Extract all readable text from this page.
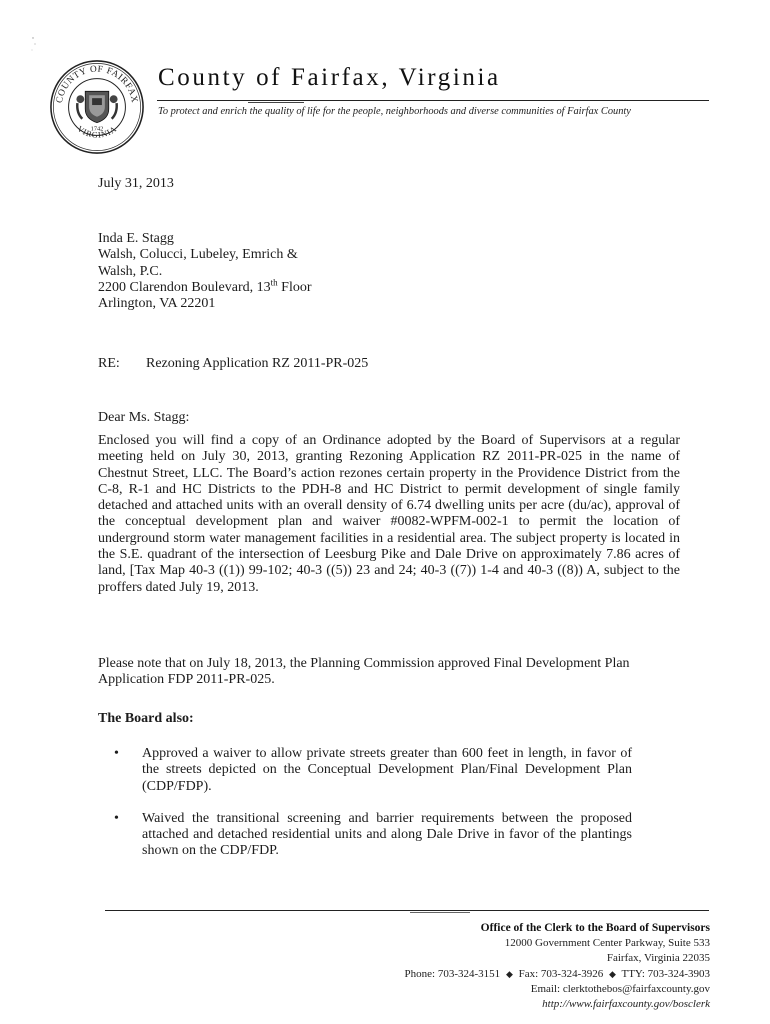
COUNTY OF FAIRFAX
VIRGINIA
1742
County of Fairfax, Virginia
To protect and enrich the quality of life for the people, neighborhoods and diverse communities of Fairfax County
July 31, 2013
Inda E. Stagg
Walsh, Colucci, Lubeley, Emrich &
Walsh, P.C.
2200 Clarendon Boulevard, 13th Floor
Arlington, VA 22201
RE: Rezoning Application RZ 2011-PR-025
Dear Ms. Stagg:

Enclosed you will find a copy of an Ordinance adopted by the Board of Supervisors at a regular meeting held on July 30, 2013, granting Rezoning Application RZ 2011-PR-025 in the name of Chestnut Street, LLC. The Board’s action rezones certain property in the Providence District from the C-8, R-1 and HC Districts to the PDH-8 and HC District to permit development of single family detached and attached units with an overall density of 6.74 dwelling units per acre (du/ac), approval of the conceptual development plan and waiver #0082-WPFM-002-1 to permit the location of underground storm water management facilities in a residential area. The subject property is located in the S.E. quadrant of the intersection of Leesburg Pike and Dale Drive on approximately 7.86 acres of land, [Tax Map 40-3 ((1)) 99-102; 40-3 ((5)) 23 and 24; 40-3 ((7)) 1-4 and 40-3 ((8)) A, subject to the proffers dated July 19, 2013.

Please note that on July 18, 2013, the Planning Commission approved Final Development Plan Application FDP 2011-PR-025.

The Board also:
• Approved a waiver to allow private streets greater than 600 feet in length, in favor of the streets depicted on the Conceptual Development Plan/Final Development Plan (CDP/FDP).
• Waived the transitional screening and barrier requirements between the proposed attached and detached residential units and along Dale Drive in favor of the plantings shown on the CDP/FDP.
Office of the Clerk to the Board of Supervisors
12000 Government Center Parkway, Suite 533
Fairfax, Virginia 22035
Phone: 703-324-3151 ◆ Fax: 703-324-3926 ◆ TTY: 703-324-3903
Email: clerktothebos@fairfaxcounty.gov
http://www.fairfaxcounty.gov/bosclerk
